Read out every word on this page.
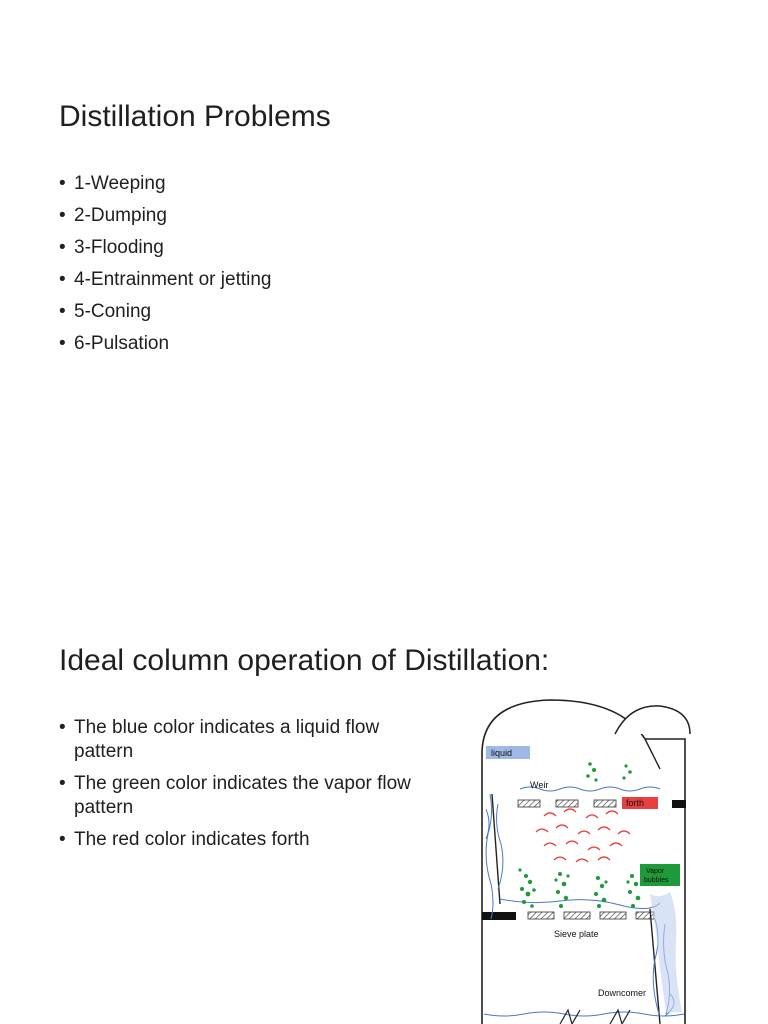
Distillation Problems
• 1-Weeping
• 2-Dumping
• 3-Flooding
• 4-Entrainment or jetting
• 5-Coning
• 6-Pulsation
Ideal column operation of Distillation:
• The blue color indicates a liquid flow pattern
• The green color indicates the vapor flow pattern
• The red color indicates forth
liquid
Weir
forth
Vapor
bubbles
Sieve plate
Downcomer
